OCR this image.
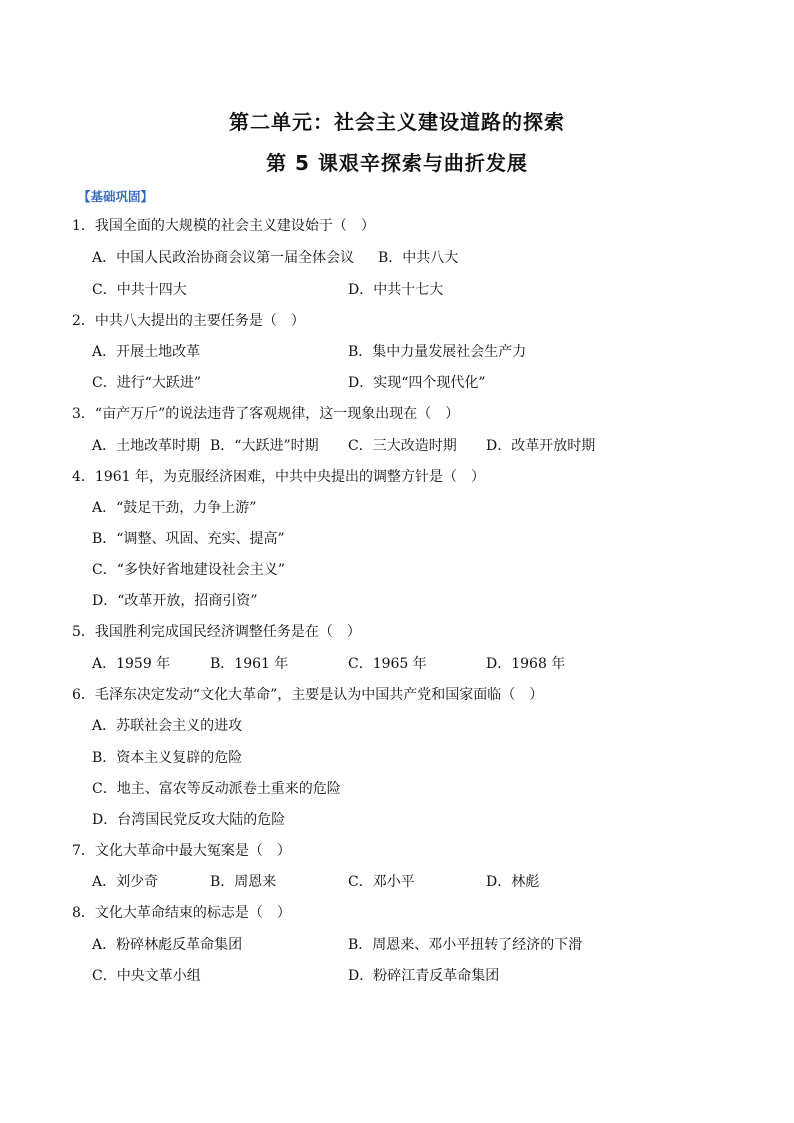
第二单元：社会主义建设道路的探索
第 5 课艰辛探索与曲折发展
【基础巩固】
1．我国全面的大规模的社会主义建设始于（　）
A．中国人民政治协商会议第一届全体会议 B．中共八大
C．中共十四大	D．中共十七大
2．中共八大提出的主要任务是（　）
A．开展土地改革	B．集中力量发展社会生产力
C．进行“大跃进”	D．实现“四个现代化”
3．“亩产万斤”的说法违背了客观规律，这一现象出现在（　）
A．土地改革时期 B．“大跃进”时期 C．三大改造时期 D．改革开放时期
4．1961 年，为克服经济困难，中共中央提出的调整方针是（　）
A．“鼓足干劲，力争上游”
B．“调整、巩固、充实、提高”
C．“多快好省地建设社会主义”
D．“改革开放，招商引资”
5．我国胜利完成国民经济调整任务是在（　）
A．1959 年	B．1961 年	C．1965 年	D．1968 年
6．毛泽东决定发动“文化大革命”，主要是认为中国共产党和国家面临（　）
A．苏联社会主义的进攻
B．资本主义复辟的危险
C．地主、富农等反动派卷土重来的危险
D．台湾国民党反攻大陆的危险
7．文化大革命中最大冤案是（　）
A．刘少奇	B．周恩来	C．邓小平	D．林彪
8．文化大革命结束的标志是（　）
A．粉碎林彪反革命集团	B．周恩来、邓小平扭转了经济的下滑
C．中央文革小组	D．粉碎江青反革命集团
